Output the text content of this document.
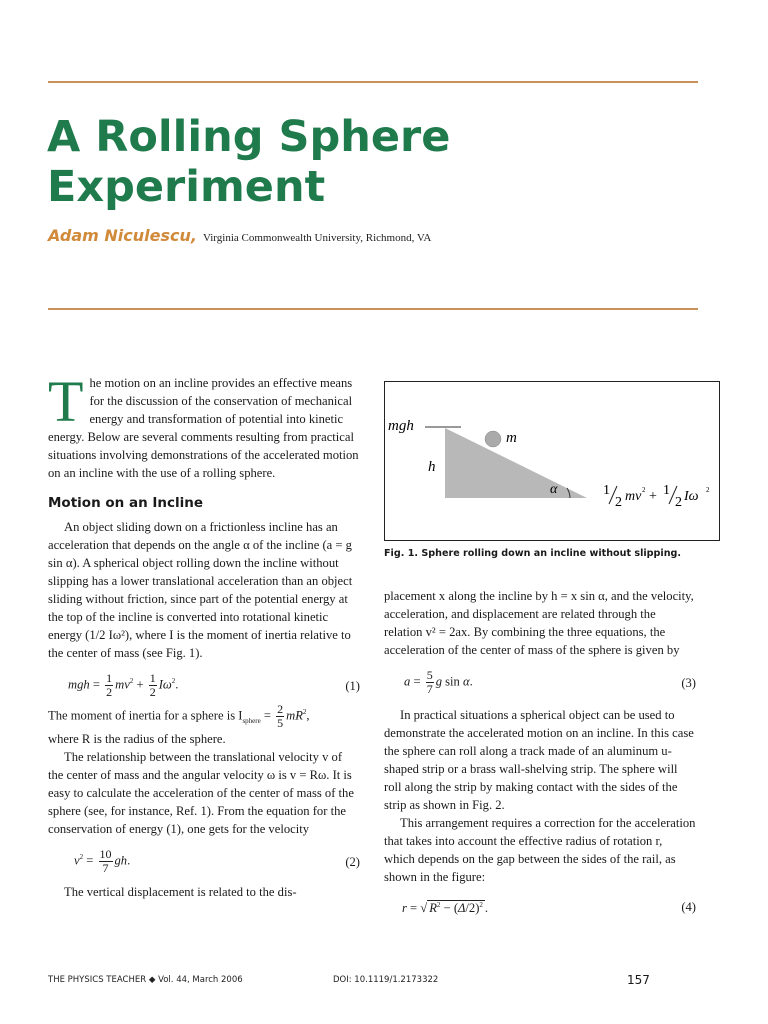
A Rolling Sphere
Experiment
Adam Niculescu, Virginia Commonwealth University, Richmond, VA

The motion on an incline provides an effective means for the discussion of the conservation of mechanical energy and transformation of potential into kinetic energy. Below are several comments resulting from practical situations involving demonstrations of the accelerated motion on an incline with the use of a rolling sphere.

Motion on an Incline

An object sliding down on a frictionless incline has an acceleration that depends on the angle α of the incline (a = g sin α). A spherical object rolling down the incline without slipping has a lower translational acceleration than an object sliding without friction, since part of the potential energy at the top of the incline is converted into rotational kinetic energy (1/2 Iω²), where I is the moment of inertia relative to the center of mass (see Fig. 1).

mgh = $\frac{1}{2} mv^2 + \frac{1}{2} I\omega^2$.	(1)

The moment of inertia for a sphere is $I_{sphere} = \frac{2}{5} mR^2$,
where R is the radius of the sphere.

The relationship between the translational velocity v of the center of mass and the angular velocity ω is v = Rω. It is easy to calculate the acceleration of the center of mass of the sphere (see, for instance, Ref. 1). From the equation for the conservation of energy (1), one gets for the velocity

$v^2 = \frac{10}{7}$ gh.	(2)

The vertical displacement is related to the dis-

mgh
m
h
α	1
2 mv 2 + 1
2 Iω 2
Fig. 1. Sphere rolling down an incline without slipping.

placement x along the incline by h = x sin α, and the velocity, acceleration, and displacement are related through the relation v² = 2ax. By combining the three equations, the acceleration of the center of mass of the sphere is given by

$a = \frac{5}{7}$ g sin α.	(3)

In practical situations a spherical object can be used to demonstrate the accelerated motion on an incline. In this case the sphere can roll along a track made of an aluminum u-shaped strip or a brass wall-shelving strip. The sphere will roll along the strip by making contact with the sides of the strip as shown in Fig. 2.

This arrangement requires a correction for the acceleration that takes into account the effective radius of rotation r, which depends on the gap between the sides of the rail, as shown in the figure:

r = √ $R^2 - (\Delta/2)^2$ .	(4)
THE PHYSICS TEACHER ◆ Vol. 44, March 2006	DOI: 10.1119/1.2173322	157
